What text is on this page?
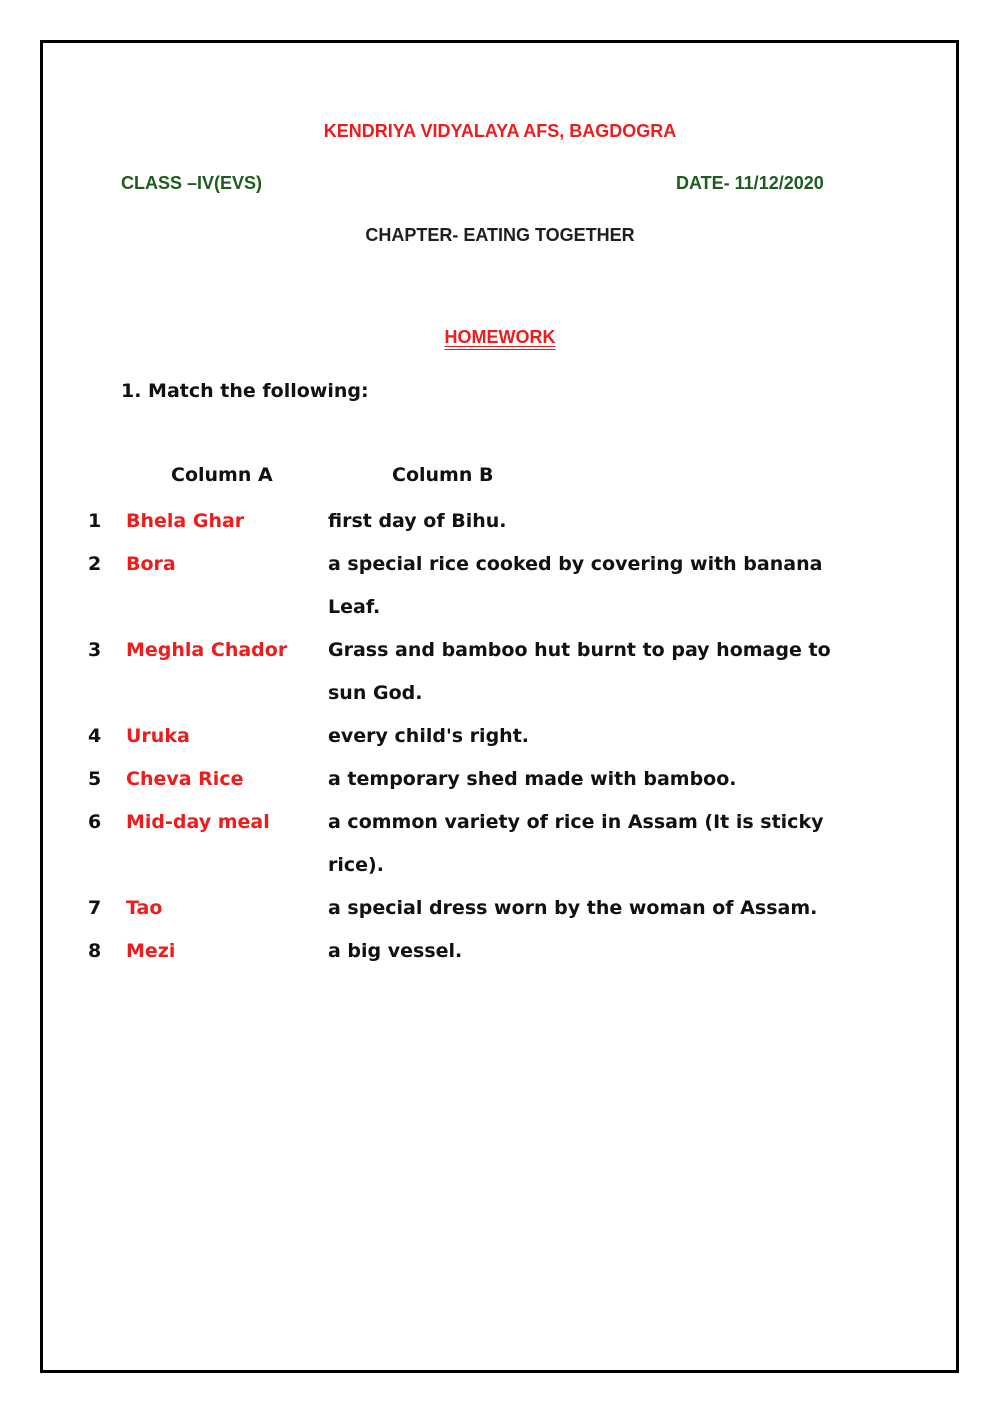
KENDRIYA VIDYALAYA AFS, BAGDOGRA
CLASS –IV(EVS)	DATE- 11/12/2020
CHAPTER- EATING TOGETHER
HOMEWORK
1. Match the following:
Column A	Column B
1	Bhela Ghar	first day of Bihu.
2	Bora	a special rice cooked by covering with banana Leaf.
3	Meghla Chador	Grass and bamboo hut burnt to pay homage to sun God.
4	Uruka	every child's right.
5	Cheva Rice	a temporary shed made with bamboo.
6	Mid-day meal	a common variety of rice in Assam (It is sticky rice).
7	Tao	a special dress worn by the woman of Assam.
8	Mezi	a big vessel.
